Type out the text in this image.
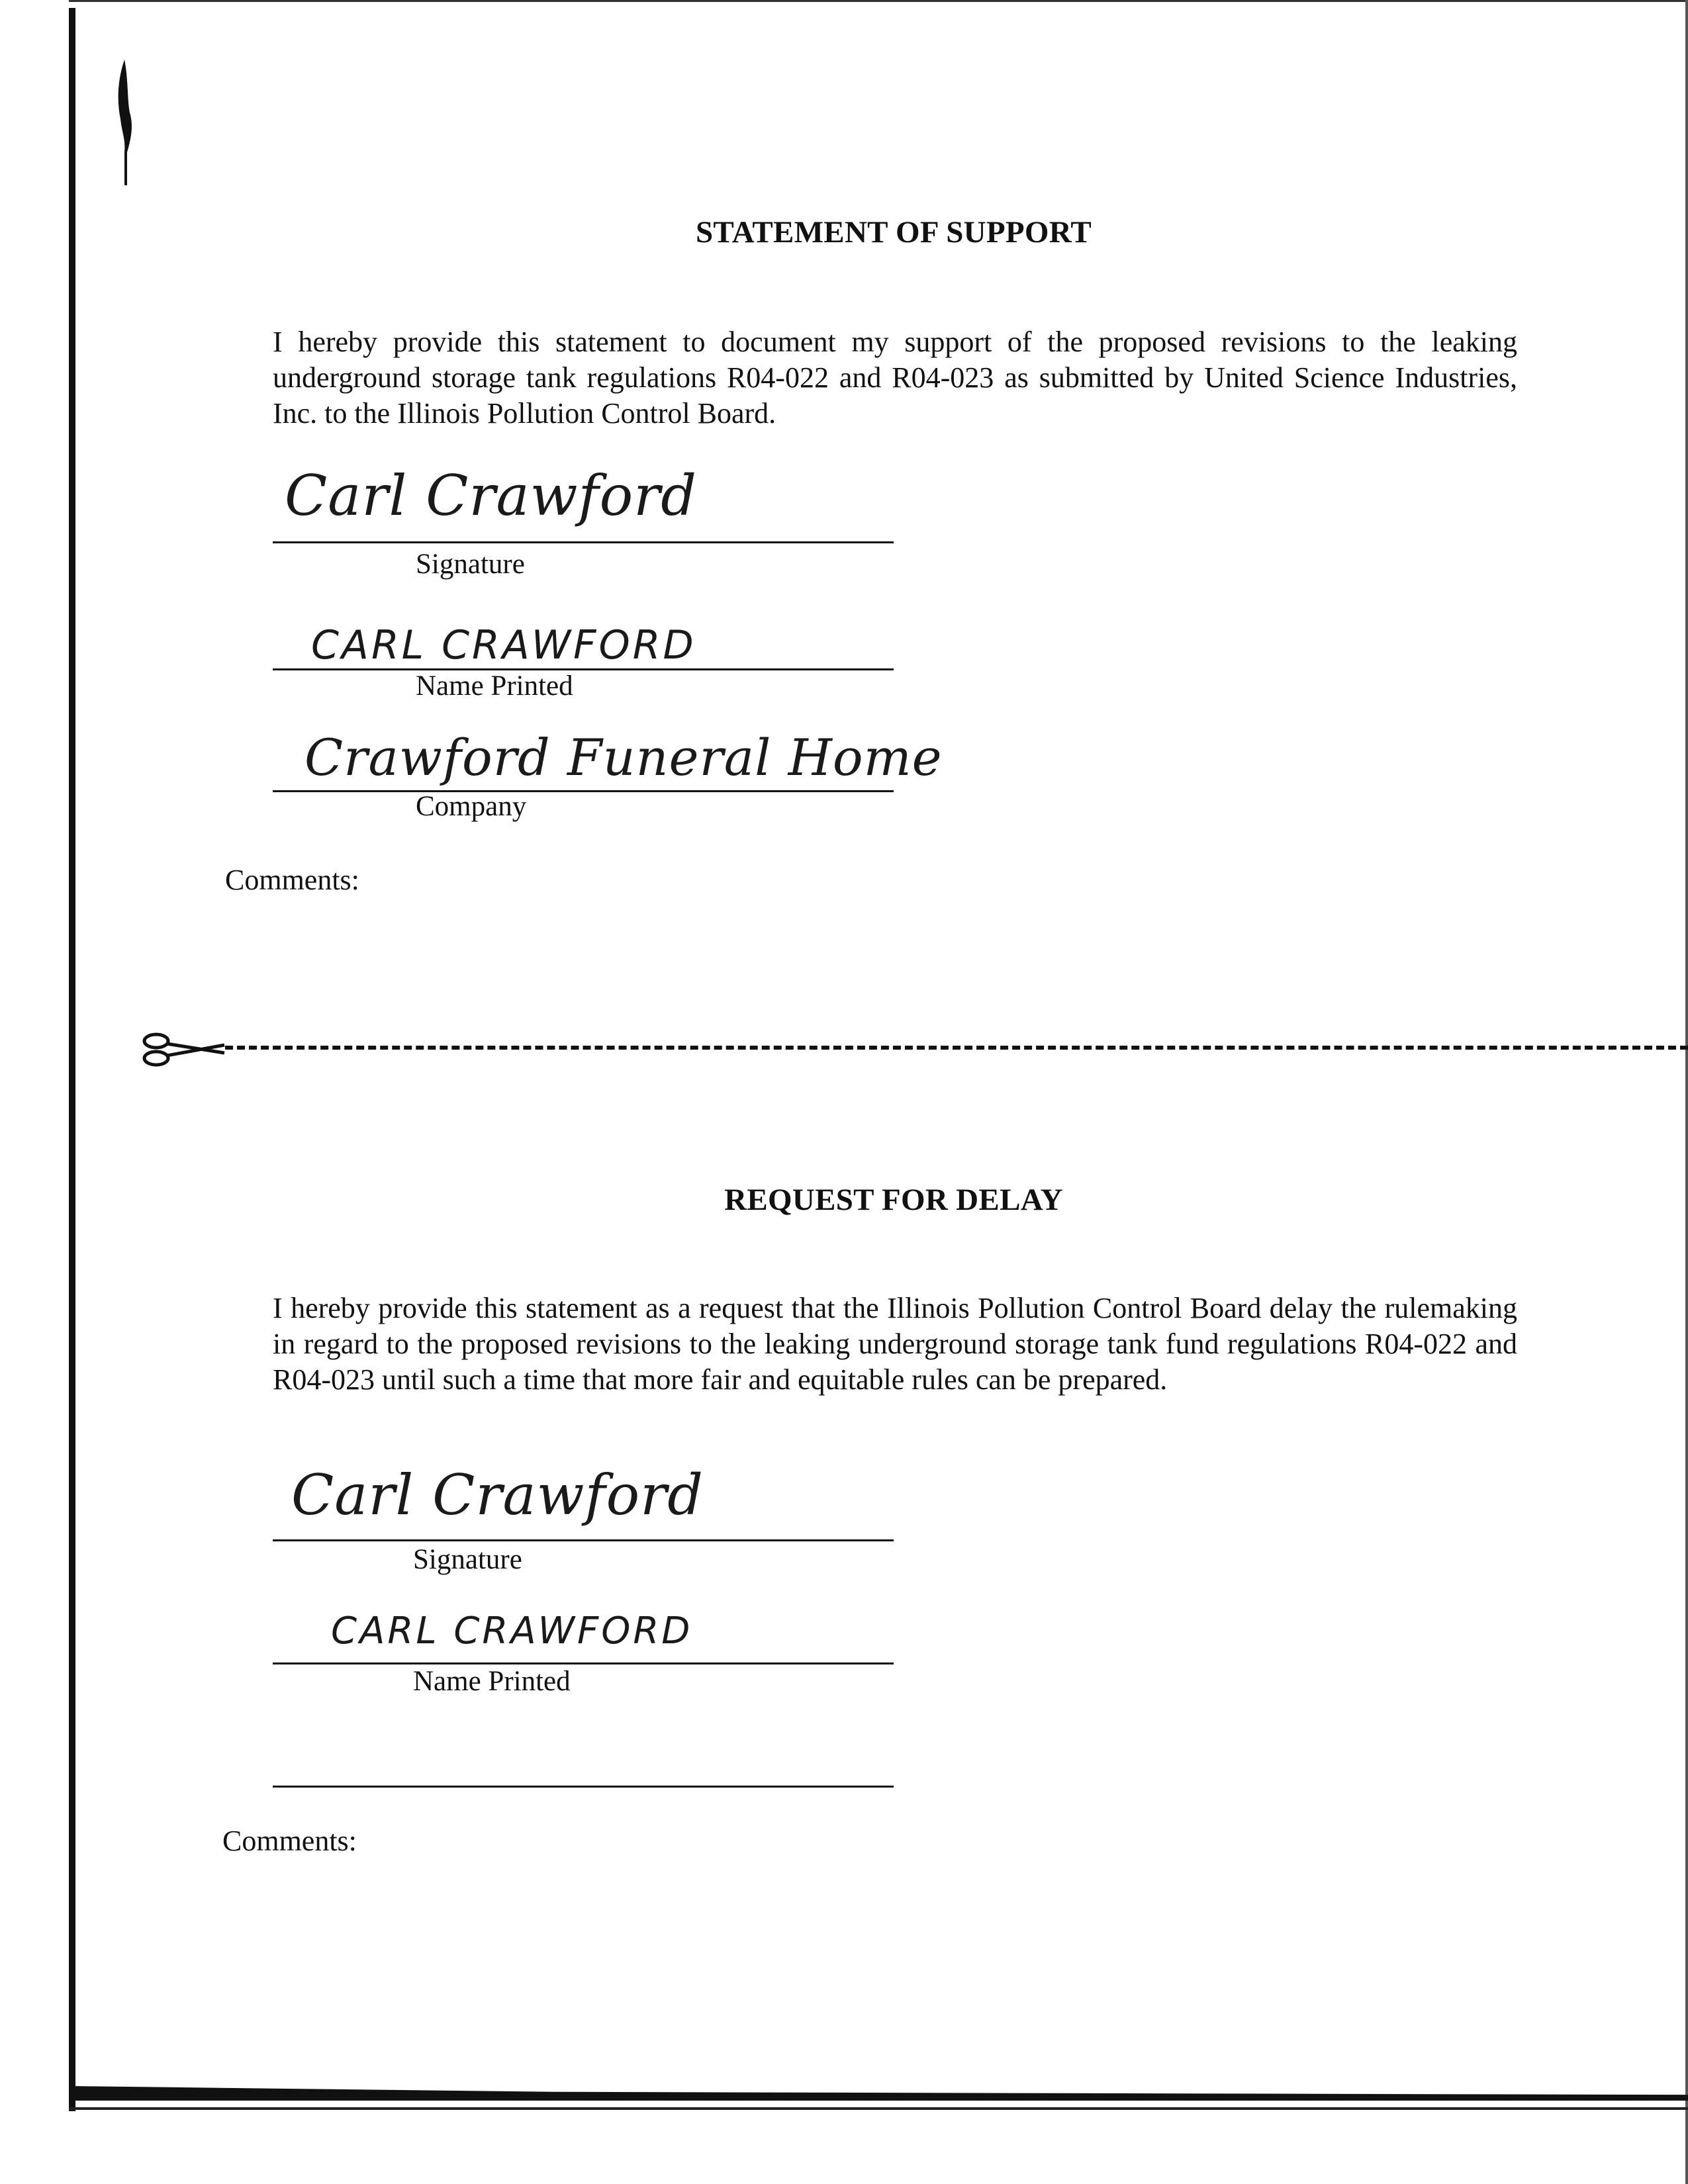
STATEMENT OF SUPPORT
I hereby provide this statement to document my support of the proposed revisions to the leaking underground storage tank regulations R04-022 and R04-023 as submitted by United Science Industries, Inc. to the Illinois Pollution Control Board.
Carl Crawford
Signature
CARL CRAWFORD
Name Printed
Crawford Funeral Home
Company
Comments:
REQUEST FOR DELAY
I hereby provide this statement as a request that the Illinois Pollution Control Board delay the rulemaking in regard to the proposed revisions to the leaking underground storage tank fund regulations R04-022 and R04-023 until such a time that more fair and equitable rules can be prepared.
Carl Crawford
Signature
CARL CRAWFORD
Name Printed
Comments:
